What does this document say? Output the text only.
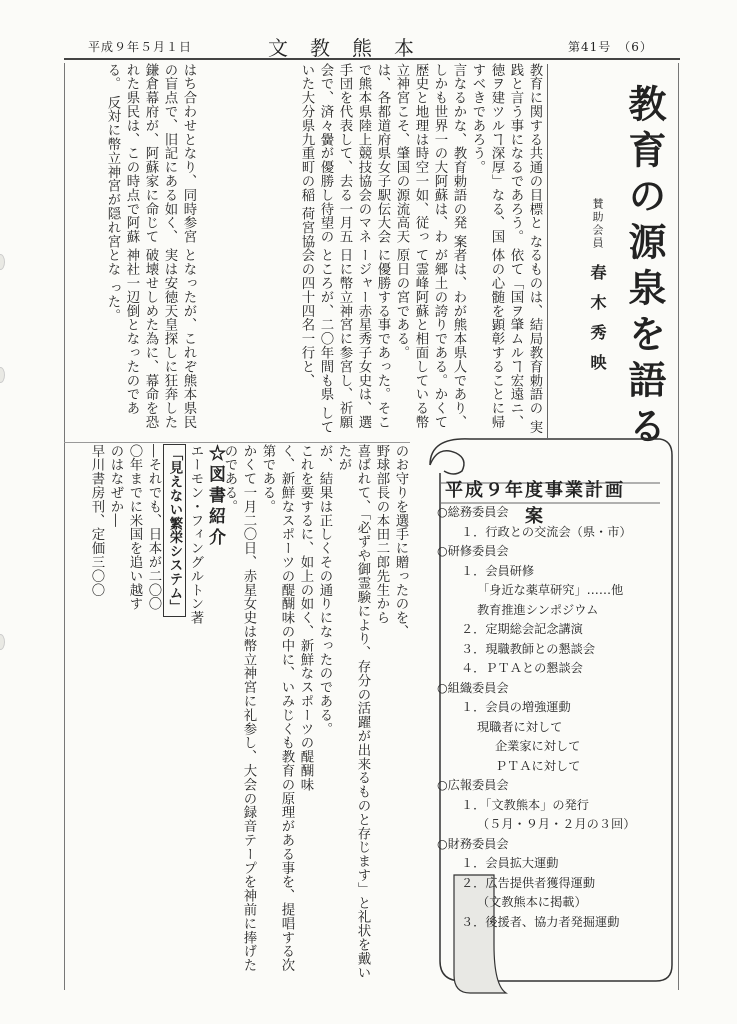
平成９年５月１日	文教熊本	第41号　（6）
教育の源泉を語る
賛助会員 春木秀映

教育に関する共通の目標と なるものは、結局教育勅語の 実践と言う事になるであろう。 依て「国ヲ肇ムルヿ宏遠ニ、 徳ヲ建ツルヿ深厚」なる、国 体の心髄を顕彰することに帰 すべきであろう。

言なるかな、教育勅語の発 案者は、わが熊本県人であり、 しかも世界一の大阿蘇は、わ が郷土の誇りである。かくて 歴史と地理は時空一如、従っ て霊峰阿蘇と相面している幣 立神宮こそ、肇国の源流高天 原日の宮である。

は、各都道府県女子駅伝大会 に優勝する事であった。そこ で熊本県陸上競技協会のマネ ージャー赤星秀子女史は、選 手団を代表して、去る一月五 日に幣立神宮に参宮し、祈願 会で、済々黌が優勝し待望の ところが、二〇年間も県 していた大分県九重町の稲 荷宮協会の四十四名一行と、

はち合わせとなり、同時参宮 となったが、これぞ熊本県民 の盲点で、旧記にある如く、 実は安徳天皇探しに狂奔した 鎌倉幕府が、阿蘇家に命じて 破壊せしめた為に、幕命を恐 れた県民は、この時点で阿蘇 神社一辺倒となったのである。 反対に幣立神宮が隠れ宮とな った。

のお守りを選手に贈ったのを、

野球部長の本田二郎先生から

喜ばれて、「必ずや御霊験により、存分の活躍が出来るものと存じます」と礼状を戴いたが

が、結果は正しくその通りになったのである。

これを要するに、如上の如く、新鮮なスポーツの醍醐味

く、新鮮なスポーツの醍醐味の中に、いみじくも教育の原理がある事を、提唱する次第である。

かくて一月二〇日、赤星女史は幣立神宮に礼参し、大会の録音テープを神前に捧げたのである。

☆図書紹介

エーモン・フィングルトン著

「見えない繁栄システム」

―それでも、日本が二〇〇

〇年までに米国を追い越す

のはなぜか―

早川書房刊、定価三〇〇	平成９年度事業計画案
○ 総務委員会
１．行政との交流会（県・市）
○ 研修委員会
１．会員研修
「身近な薬草研究」……他
教育推進シンポジウム
２．定期総会記念講演
３．現職教師との懇談会
４．ＰＴＡとの懇談会
○ 組織委員会
１．会員の増強運動
現職者に対して
企業家に対して
ＰＴＡに対して
○ 広報委員会
１．「文教熊本」の発行
（５月・９月・２月の３回）
○ 財務委員会
１．会員拡大運動
２．広告提供者獲得運動
（文教熊本に掲載）
３．後援者、協力者発掘運動
